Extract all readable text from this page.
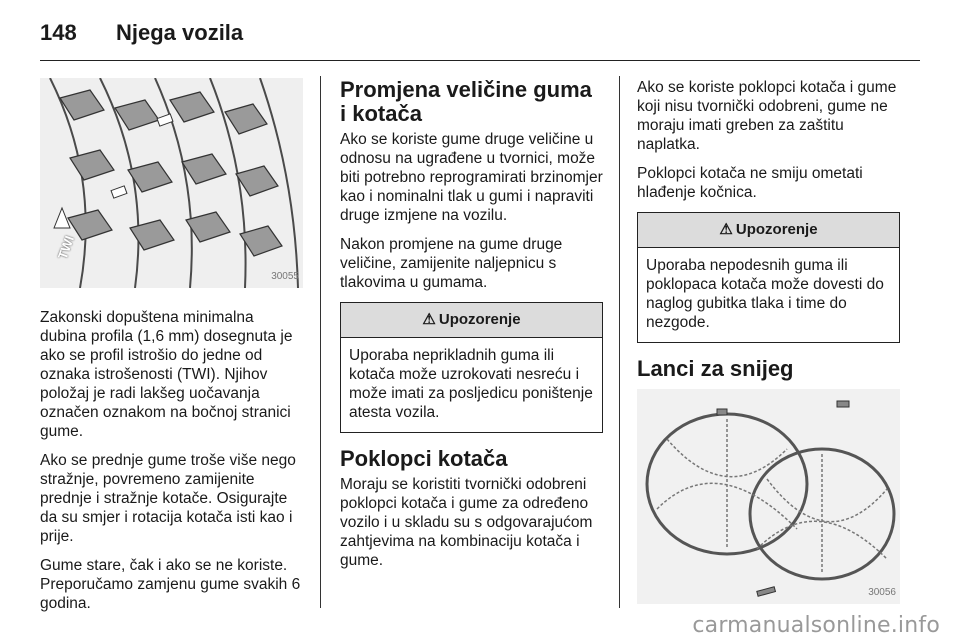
148 Njega vozila
TWI
30055

Zakonski dopuštena minimalna dubina profila (1,6 mm) dosegnuta je ako se profil istrošio do jedne od oznaka istrošenosti (TWI). Njihov položaj je radi lakšeg uočavanja označen oznakom na bočnoj stranici gume.

Ako se prednje gume troše više nego stražnje, povremeno zamijenite prednje i stražnje kotače. Osigurajte da su smjer i rotacija kotača isti kao i prije.

Gume stare, čak i ako se ne koriste. Preporučamo zamjenu gume svakih 6 godina.

Promjena veličine guma i kotača

Ako se koriste gume druge veličine u odnosu na ugrađene u tvornici, može biti potrebno reprogramirati brzinomjer kao i nominalni tlak u gumi i napraviti druge izmjene na vozilu.

Nakon promjene na gume druge veličine, zamijenite naljepnicu s tlakovima u gumama.

⚠ Upozorenje
Uporaba neprikladnih guma ili kotača može uzrokovati nesreću i može imati za posljedicu poništenje atesta vozila.
Poklopci kotača

Moraju se koristiti tvornički odobreni poklopci kotača i gume za određeno vozilo i u skladu su s odgovarajućom zahtjevima na kombinaciju kotača i gume.

Ako se koriste poklopci kotača i gume koji nisu tvornički odobreni, gume ne moraju imati greben za zaštitu naplatka.

Poklopci kotača ne smiju ometati hlađenje kočnica.

⚠ Upozorenje
Uporaba nepodesnih guma ili poklopaca kotača može dovesti do naglog gubitka tlaka i time do nezgode.
Lanci za snijeg
30056
carmanualsonline.info
